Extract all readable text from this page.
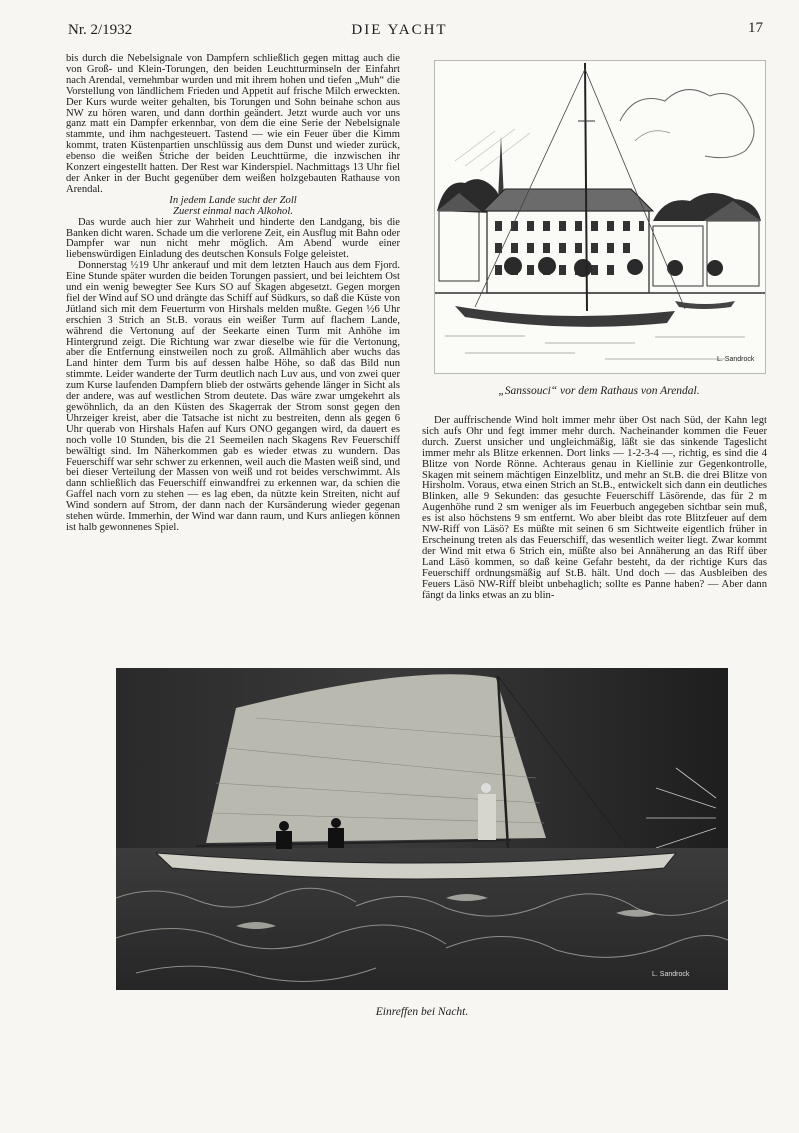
Nr. 2/1932	DIE YACHT	17

bis durch die Nebelsignale von Dampfern schließlich gegen mittag auch die von Groß- und Klein-Torungen, den beiden Leuchtturminseln der Einfahrt nach Arendal, vernehmbar wurden und mit ihrem hohen und tiefen „Muh“ die Vorstellung von ländlichem Frieden und Appetit auf frische Milch erweckten. Der Kurs wurde weiter gehalten, bis Torungen und Sohn beinahe schon aus NW zu hören waren, und dann dorthin geändert. Jetzt wurde auch vor uns ganz matt ein Dampfer erkennbar, von dem die eine Serie der Nebelsignale stammte, und ihm nachgesteuert. Tastend — wie ein Feuer über die Kimm kommt, traten Küstenpartien unschlüssig aus dem Dunst und wieder zurück, ebenso die weißen Striche der beiden Leuchttürme, die inzwischen ihr Konzert eingestellt hatten. Der Rest war Kinderspiel. Nachmittags 13 Uhr fiel der Anker in der Bucht gegenüber dem weißen holzgebauten Rathause von Arendal.

In jedem Lande sucht der Zoll

Zuerst einmal nach Alkohol.

Das wurde auch hier zur Wahrheit und hinderte den Landgang, bis die Banken dicht waren. Schade um die verlorene Zeit, ein Ausflug mit Bahn oder Dampfer war nun nicht mehr möglich. Am Abend wurde einer liebenswürdigen Einladung des deutschen Konsuls Folge geleistet.

Donnerstag ½19 Uhr ankerauf und mit dem letzten Hauch aus dem Fjord. Eine Stunde später wurden die beiden Torungen passiert, und bei leichtem Ost und ein wenig bewegter See Kurs SO auf Skagen abgesetzt. Gegen morgen fiel der Wind auf SO und drängte das Schiff auf Südkurs, so daß die Küste von Jütland sich mit dem Feuerturm von Hirshals melden mußte. Gegen ½6 Uhr erschien 3 Strich an St.B. voraus ein weißer Turm auf flachem Lande, während die Vertonung auf der Seekarte einen Turm mit Anhöhe im Hintergrund zeigt. Die Richtung war zwar dieselbe wie für die Vertonung, aber die Entfernung einstweilen noch zu groß. Allmählich aber wuchs das Land hinter dem Turm bis auf dessen halbe Höhe, so daß das Bild nun stimmte. Leider wanderte der Turm deutlich nach Luv aus, und von zwei quer zum Kurse laufenden Dampfern blieb der ostwärts gehende länger in Sicht als der andere, was auf westlichen Strom deutete. Das wäre zwar umgekehrt als gewöhnlich, da an den Küsten des Skagerrak der Strom sonst gegen den Uhrzeiger kreist, aber die Tatsache ist nicht zu bestreiten, denn als gegen 6 Uhr querab von Hirshals Hafen auf Kurs ONO gegangen wird, da dauert es noch volle 10 Stunden, bis die 21 Seemeilen nach Skagens Rev Feuerschiff bewältigt sind. Im Näherkommen gab es wieder etwas zu wundern. Das Feuerschiff war sehr schwer zu erkennen, weil auch die Masten weiß sind, und bei dieser Verteilung der Massen von weiß und rot beides verschwimmt. Als dann schließlich das Feuerschiff einwandfrei zu erkennen war, da schien die Gaffel nach vorn zu stehen — es lag eben, da nützte kein Streiten, nicht auf Wind sondern auf Strom, der dann nach der Kursänderung wieder gegenan stehen würde. Immerhin, der Wind war dann raum, und Kurs anliegen können ist halb gewonnenes Spiel.

L. Sandrock
„Sanssouci“ vor dem Rathaus von Arendal.

Der auffrischende Wind holt immer mehr über Ost nach Süd, der Kahn legt sich aufs Ohr und fegt immer mehr durch. Nacheinander kommen die Feuer durch. Zuerst unsicher und ungleichmäßig, läßt sie das sinkende Tageslicht immer mehr als Blitze erkennen. Dort links — 1-2-3-4 —, richtig, es sind die 4 Blitze von Norde Rönne. Achteraus genau in Kiellinie zur Gegenkontrolle, Skagen mit seinem mächtigen Einzelblitz, und mehr an St.B. die drei Blitze von Hirsholm. Voraus, etwa einen Strich an St.B., entwickelt sich dann ein deutliches Blinken, alle 9 Sekunden: das gesuchte Feuerschiff Läsörende, das für 2 m Augenhöhe rund 2 sm weniger als im Feuerbuch angegeben sichtbar sein muß, es ist also höchstens 9 sm entfernt. Wo aber bleibt das rote Blitzfeuer auf dem NW-Riff von Läsö? Es müßte mit seinen 6 sm Sichtweite eigentlich früher in Erscheinung treten als das Feuerschiff, das wesentlich weiter liegt. Zwar kommt der Wind mit etwa 6 Strich ein, müßte also bei Annäherung an das Riff über Land Läsö kommen, so daß keine Gefahr besteht, da der richtige Kurs das Feuerschiff ordnungsmäßig auf St.B. hält. Und doch — das Ausbleiben des Feuers Läsö NW-Riff bleibt unbehaglich; sollte es Panne haben? — Aber dann fängt da links etwas an zu blin-

L. Sandrock
Einreffen bei Nacht.
